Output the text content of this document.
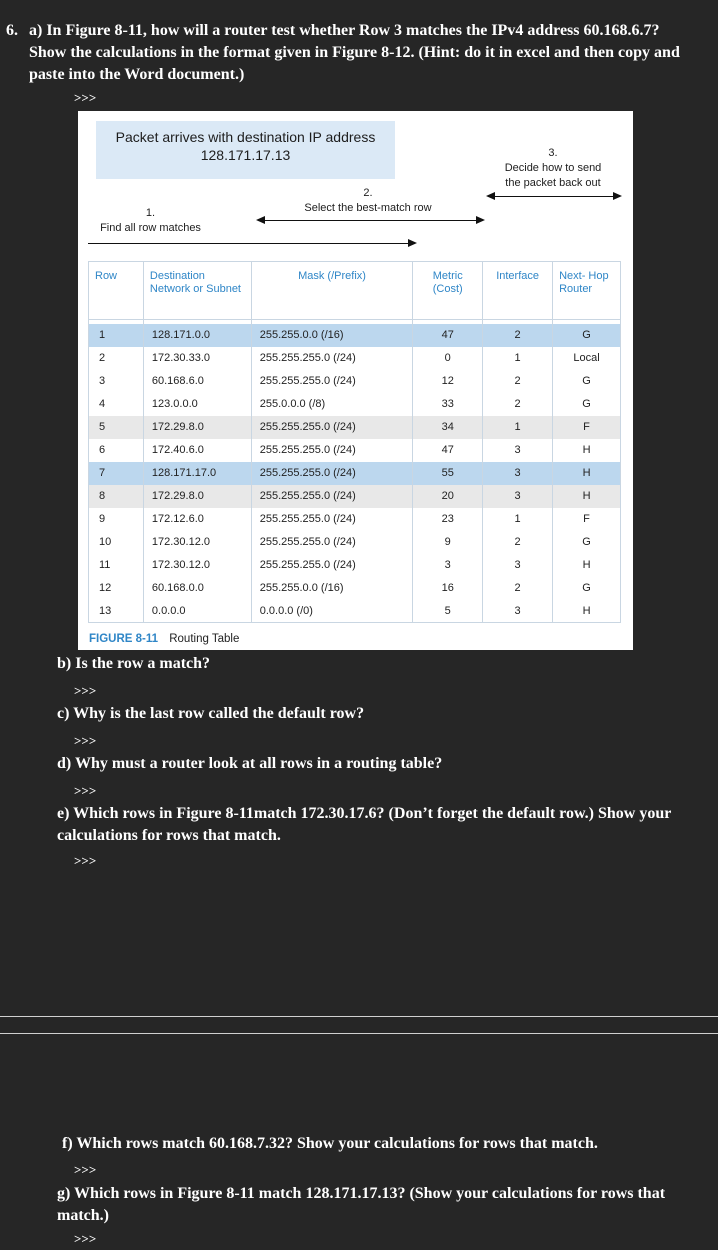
6. a) In Figure 8-11, how will a router test whether Row 3 matches the IPv4 address 60.168.6.7? Show the calculations in the format given in Figure 8-12. (Hint: do it in excel and then copy and paste into the Word document.)
>>>
Packet arrives with destination IP address
128.171.17.13	3.
Decide how to send
the packet back out
2.
Select the best-match row
1.
Find all row matches
Row	Destination Network or Subnet	Mask (/Prefix)	Metric (Cost)	Interface	Next- Hop Router

1	128.171.0.0	255.255.0.0 (/16)	47	2	G
2	172.30.33.0	255.255.255.0 (/24)	0	1	Local
3	60.168.6.0	255.255.255.0 (/24)	12	2	G
4	123.0.0.0	255.0.0.0 (/8)	33	2	G
5	172.29.8.0	255.255.255.0 (/24)	34	1	F
6	172.40.6.0	255.255.255.0 (/24)	47	3	H
7	128.171.17.0	255.255.255.0 (/24)	55	3	H
8	172.29.8.0	255.255.255.0 (/24)	20	3	H
9	172.12.6.0	255.255.255.0 (/24)	23	1	F
10	172.30.12.0	255.255.255.0 (/24)	9	2	G
11	172.30.12.0	255.255.255.0 (/24)	3	3	H
12	60.168.0.0	255.255.0.0 (/16)	16	2	G
13	0.0.0.0	0.0.0.0 (/0)	5	3	H
FIGURE 8-11 Routing Table
b) Is the row a match?
>>>
c) Why is the last row called the default row?
>>>
d) Why must a router look at all rows in a routing table?
>>>
e) Which rows in Figure 8-11match 172.30.17.6? (Don’t forget the default row.) Show your calculations for rows that match.
>>>
f) Which rows match 60.168.7.32? Show your calculations for rows that match.
>>>
g) Which rows in Figure 8-11 match 128.171.17.13? (Show your calculations for rows that match.)
>>>
